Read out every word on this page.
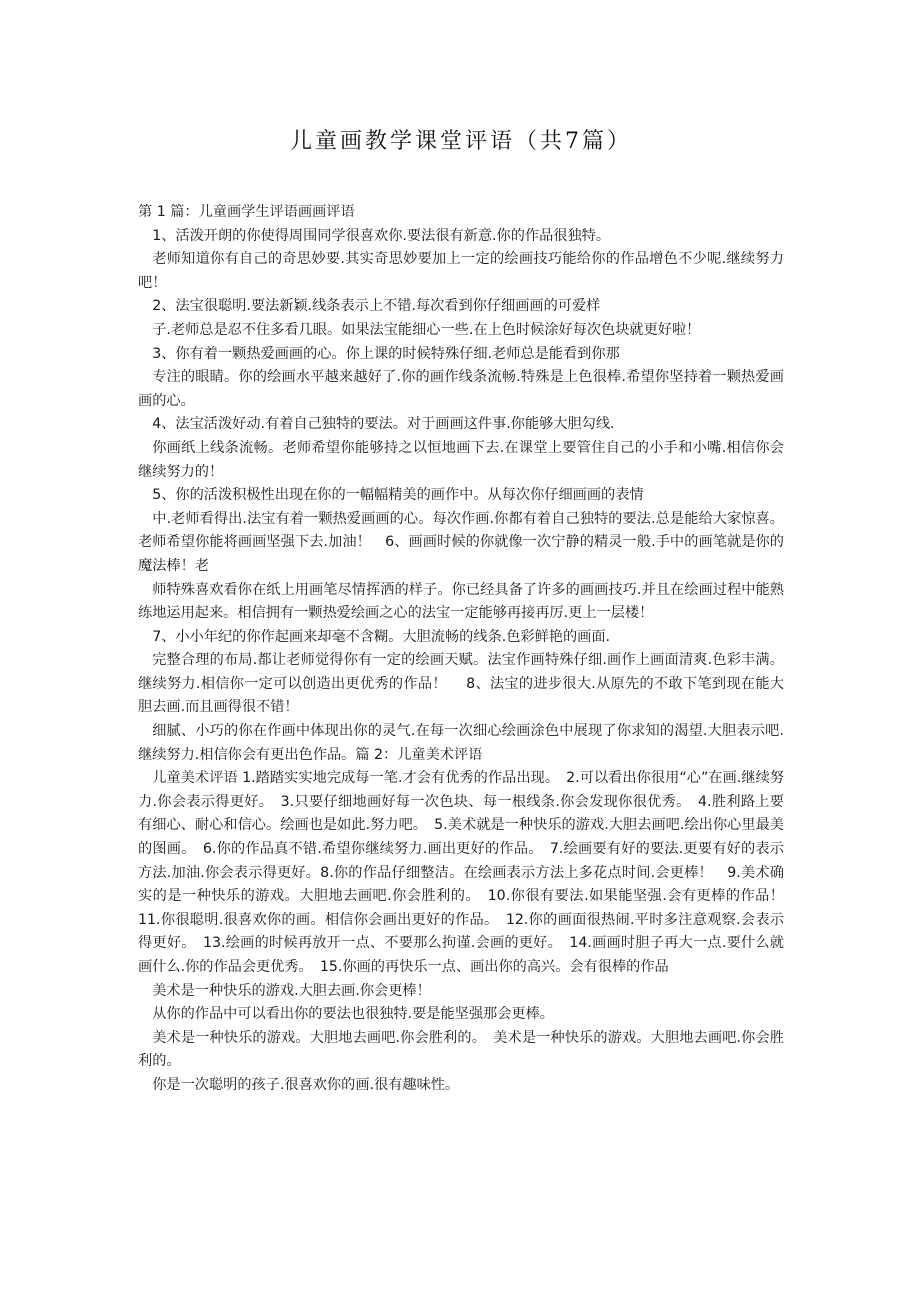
儿童画教学课堂评语（共7篇）

第 1 篇：儿童画学生评语画画评语

1、活泼开朗的你使得周围同学很喜欢你.要法很有新意.你的作品很独特。

老师知道你有自己的奇思妙要.其实奇思妙要加上一定的绘画技巧能给你的作品增色不少呢.继续努力吧！

2、法宝很聪明.要法新颖.线条表示上不错.每次看到你仔细画画的可爱样

子.老师总是忍不住多看几眼。如果法宝能细心一些.在上色时候涂好每次色块就更好啦！

3、你有着一颗热爱画画的心。你上课的时候特殊仔细.老师总是能看到你那

专注的眼睛。你的绘画水平越来越好了.你的画作线条流畅.特殊是上色很棒.希望你坚持着一颗热爱画画的心。

4、法宝活泼好动.有着自己独特的要法。对于画画这件事.你能够大胆勾线.

你画纸上线条流畅。老师希望你能够持之以恒地画下去.在课堂上要管住自己的小手和小嘴.相信你会继续努力的！

5、你的活泼积极性出现在你的一幅幅精美的画作中。从每次你仔细画画的表情

中.老师看得出.法宝有着一颗热爱画画的心。每次作画.你都有着自己独特的要法.总是能给大家惊喜。老师希望你能将画画坚强下去.加油！　6、画画时候的你就像一次宁静的精灵一般.手中的画笔就是你的魔法棒！老

师特殊喜欢看你在纸上用画笔尽情挥洒的样子。你已经具备了许多的画画技巧.并且在绘画过程中能熟练地运用起来。相信拥有一颗热爱绘画之心的法宝一定能够再接再厉.更上一层楼！

7、小小年纪的你作起画来却毫不含糊。大胆流畅的线条.色彩鲜艳的画面.

完整合理的布局.都让老师觉得你有一定的绘画天赋。法宝作画特殊仔细.画作上画面清爽.色彩丰满。继续努力.相信你一定可以创造出更优秀的作品！　 8、法宝的进步很大.从原先的不敢下笔到现在能大胆去画.而且画得很不错！

细腻、小巧的你在作画中体现出你的灵气.在每一次细心绘画涂色中展现了你求知的渴望.大胆表示吧.继续努力.相信你会有更出色作品。篇 2：儿童美术评语

儿童美术评语 1.踏踏实实地完成每一笔.才会有优秀的作品出现。　2.可以看出你很用“心”在画.继续努力.你会表示得更好。　3.只要仔细地画好每一次色块、每一根线条.你会发现你很优秀。　4.胜利路上要有细心、耐心和信心。绘画也是如此.努力吧。　5.美术就是一种快乐的游戏.大胆去画吧.绘出你心里最美的图画。　6.你的作品真不错.希望你继续努力.画出更好的作品。　7.绘画要有好的要法.更要有好的表示方法.加油.你会表示得更好。8.你的作品仔细整洁。在绘画表示方法上多花点时间.会更棒！　9.美术确实的是一种快乐的游戏。大胆地去画吧.你会胜利的。　10.你很有要法.如果能坚强.会有更棒的作品！11.你很聪明.很喜欢你的画。相信你会画出更好的作品。　12.你的画面很热闹.平时多注意观察.会表示得更好。　13.绘画的时候再放开一点、不要那么拘谨.会画的更好。　14.画画时胆子再大一点.要什么就画什么.你的作品会更优秀。　15.你画的再快乐一点、画出你的高兴。会有很棒的作品

美术是一种快乐的游戏.大胆去画.你会更棒！

从你的作品中可以看出你的要法也很独特.要是能坚强那会更棒。

美术是一种快乐的游戏。大胆地去画吧.你会胜利的。　美术是一种快乐的游戏。大胆地去画吧.你会胜利的。

你是一次聪明的孩子.很喜欢你的画.很有趣味性。
